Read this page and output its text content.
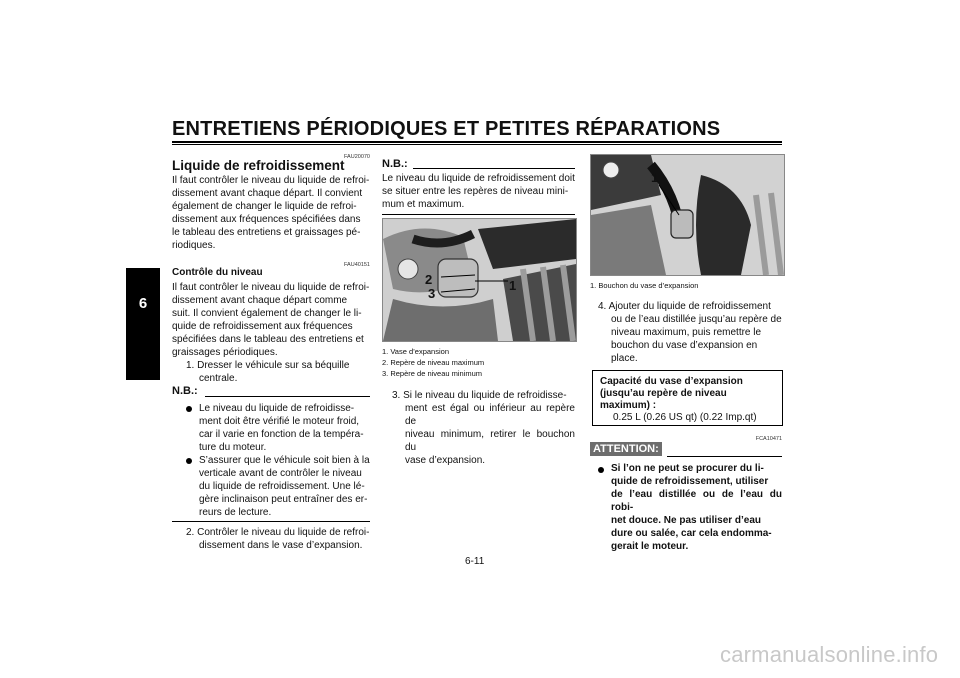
ENTRETIENS PÉRIODIQUES ET PETITES RÉPARATIONS
6
FAU20070
Liquide de refroidissement
Il faut contrôler le niveau du liquide de refroi-
dissement avant chaque départ. Il convient
également de changer le liquide de refroi-
dissement aux fréquences spécifiées dans
le tableau des entretiens et graissages pé-
riodiques.
FAU40151
Contrôle du niveau
Il faut contrôler le niveau du liquide de refroi-
dissement avant chaque départ comme
suit. Il convient également de changer le li-
quide de refroidissement aux fréquences
spécifiées dans le tableau des entretiens et
graissages périodiques.
1. Dresser le véhicule sur sa béquille
centrale.
N.B.:
Le niveau du liquide de refroidisse-
ment doit être vérifié le moteur froid,
car il varie en fonction de la tempéra-
ture du moteur.
S’assurer que le véhicule soit bien à la
verticale avant de contrôler le niveau
du liquide de refroidissement. Une lé-
gère inclinaison peut entraîner des er-
reurs de lecture.
2. Contrôler le niveau du liquide de refroi-
dissement dans le vase d’expansion.
N.B.:
Le niveau du liquide de refroidissement doit
se situer entre les repères de niveau mini-
mum et maximum.
2
3
1
1. Vase d’expansion
2. Repère de niveau maximum
3. Repère de niveau minimum
3. Si le niveau du liquide de refroidisse-
ment est égal ou inférieur au repère de
niveau minimum, retirer le bouchon du
vase d’expansion.
1
1. Bouchon du vase d’expansion
4. Ajouter du liquide de refroidissement
ou de l’eau distillée jusqu’au repère de
niveau maximum, puis remettre le
bouchon du vase d’expansion en
place.
Capacité du vase d’expansion
(jusqu’au repère de niveau
maximum) :
0.25 L (0.26 US qt) (0.22 Imp.qt)
FCA10471
ATTENTION:
Si l’on ne peut se procurer du li-
quide de refroidissement, utiliser
de l’eau distillée ou de l’eau du robi-
net douce. Ne pas utiliser d’eau
dure ou salée, car cela endomma-
gerait le moteur.
6-11
carmanualsonline.info
